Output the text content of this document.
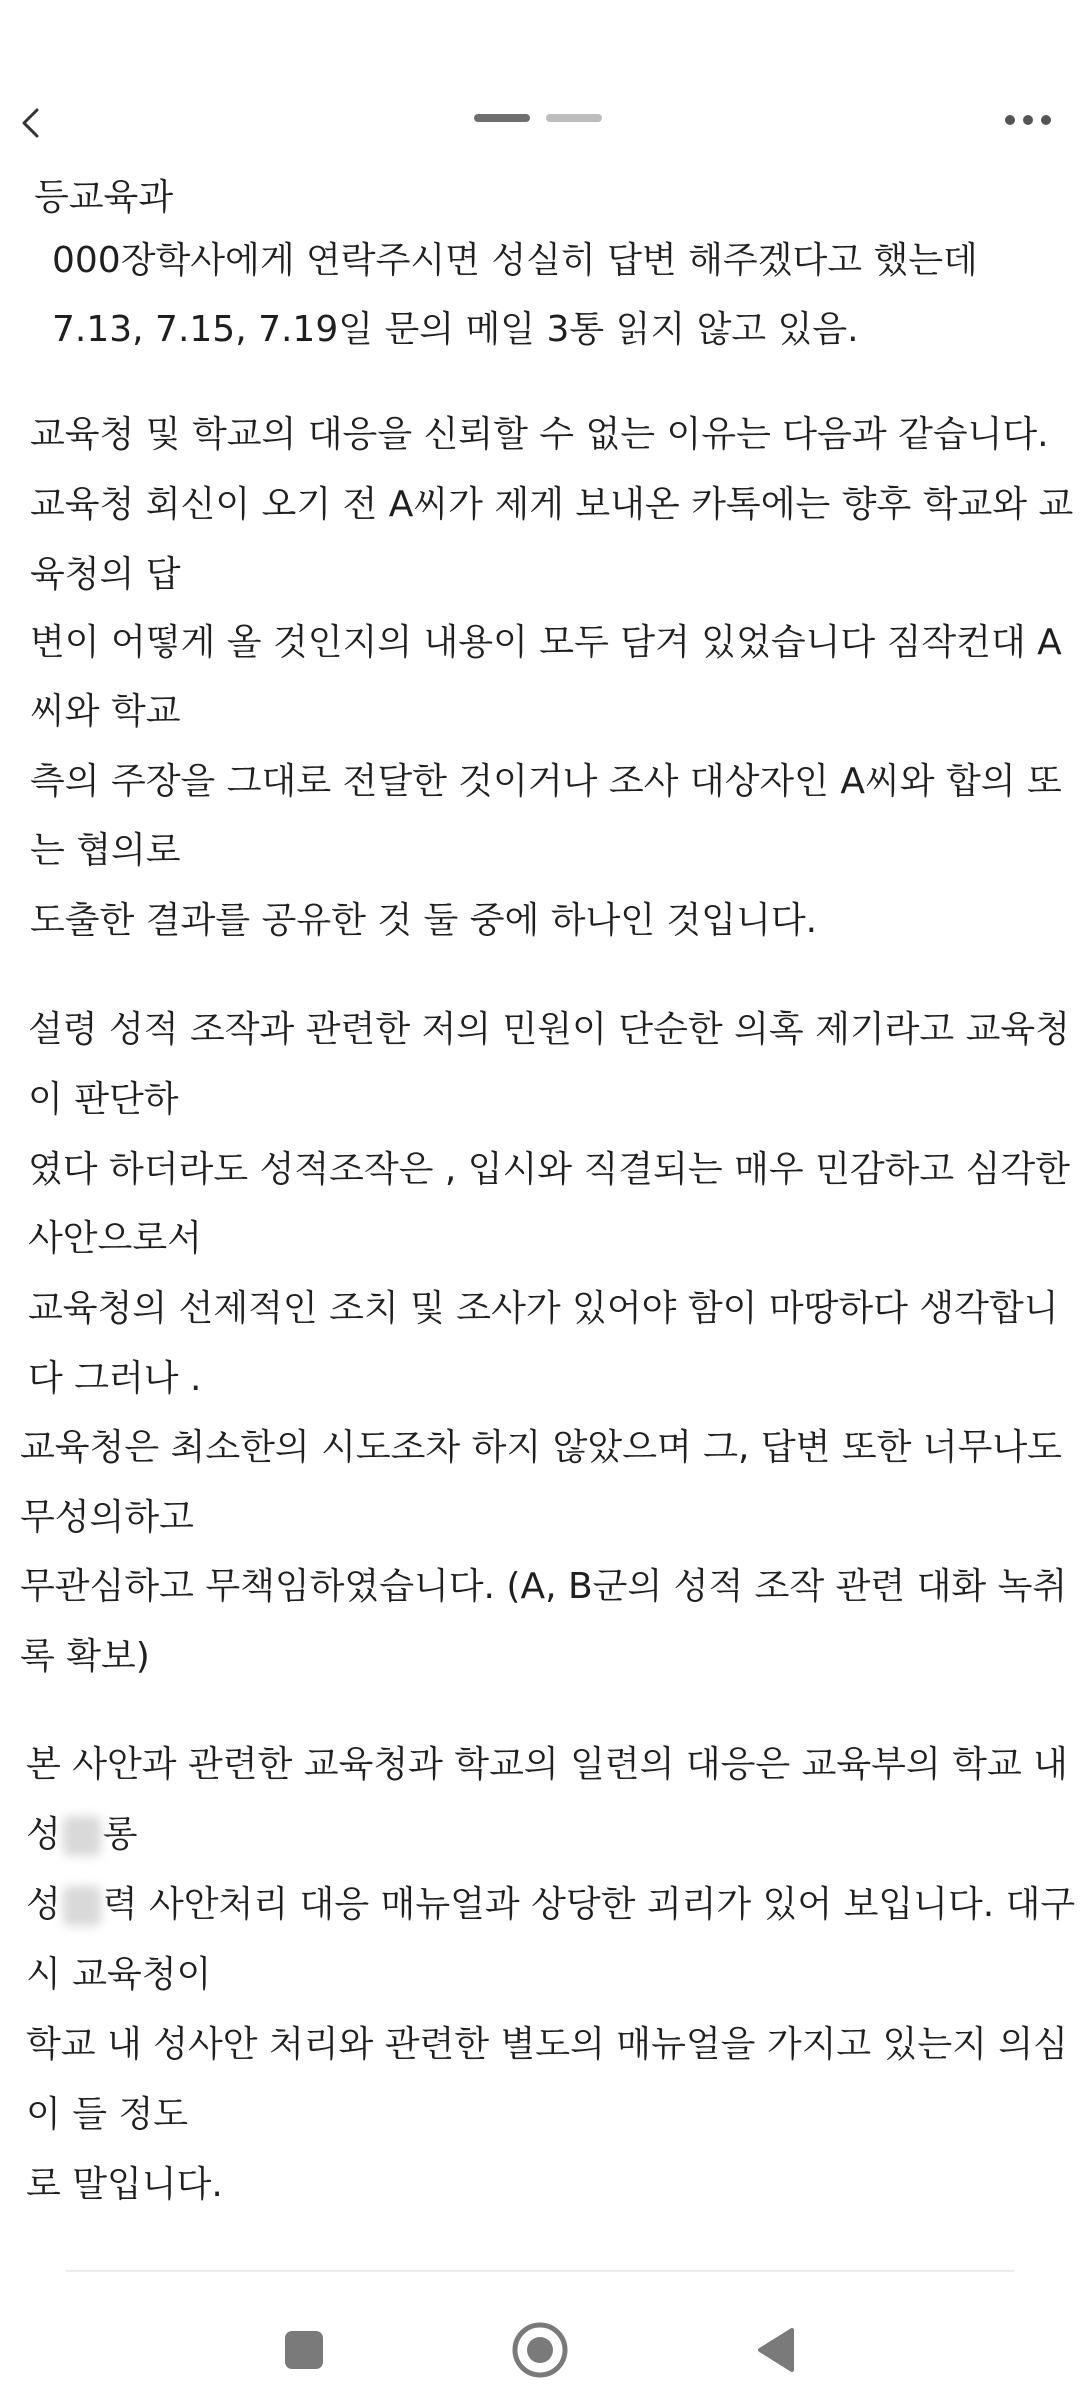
등교육과
000장학사에게 연락주시면 성실히 답변 해주겠다고 했는데
7.13, 7.15, 7.19일 문의 메일 3통 읽지 않고 있음.
교육청 및 학교의 대응을 신뢰할 수 없는 이유는 다음과 같습니다.
교육청 회신이 오기 전 A씨가 제게 보내온 카톡에는 향후 학교와 교
육청의 답
변이 어떻게 올 것인지의 내용이 모두 담겨 있었습니다 짐작컨대 A
씨와 학교
측의 주장을 그대로 전달한 것이거나 조사 대상자인 A씨와 합의 또
는 협의로
도출한 결과를 공유한 것 둘 중에 하나인 것입니다.
설령 성적 조작과 관련한 저의 민원이 단순한 의혹 제기라고 교육청
이 판단하
였다 하더라도 성적조작은 , 입시와 직결되는 매우 민감하고 심각한
사안으로서
교육청의 선제적인 조치 및 조사가 있어야 함이 마땅하다 생각합니
다 그러나 .
교육청은 최소한의 시도조차 하지 않았으며 그, 답변 또한 너무나도
무성의하고
무관심하고 무책임하였습니다. (A, B군의 성적 조작 관련 대화 녹취
록 확보)
본 사안과 관련한 교육청과 학교의 일련의 대응은 교육부의 학교 내
성 롱
성 력 사안처리 대응 매뉴얼과 상당한 괴리가 있어 보입니다. 대구
시 교육청이
학교 내 성사안 처리와 관련한 별도의 매뉴얼을 가지고 있는지 의심
이 들 정도
로 말입니다.
